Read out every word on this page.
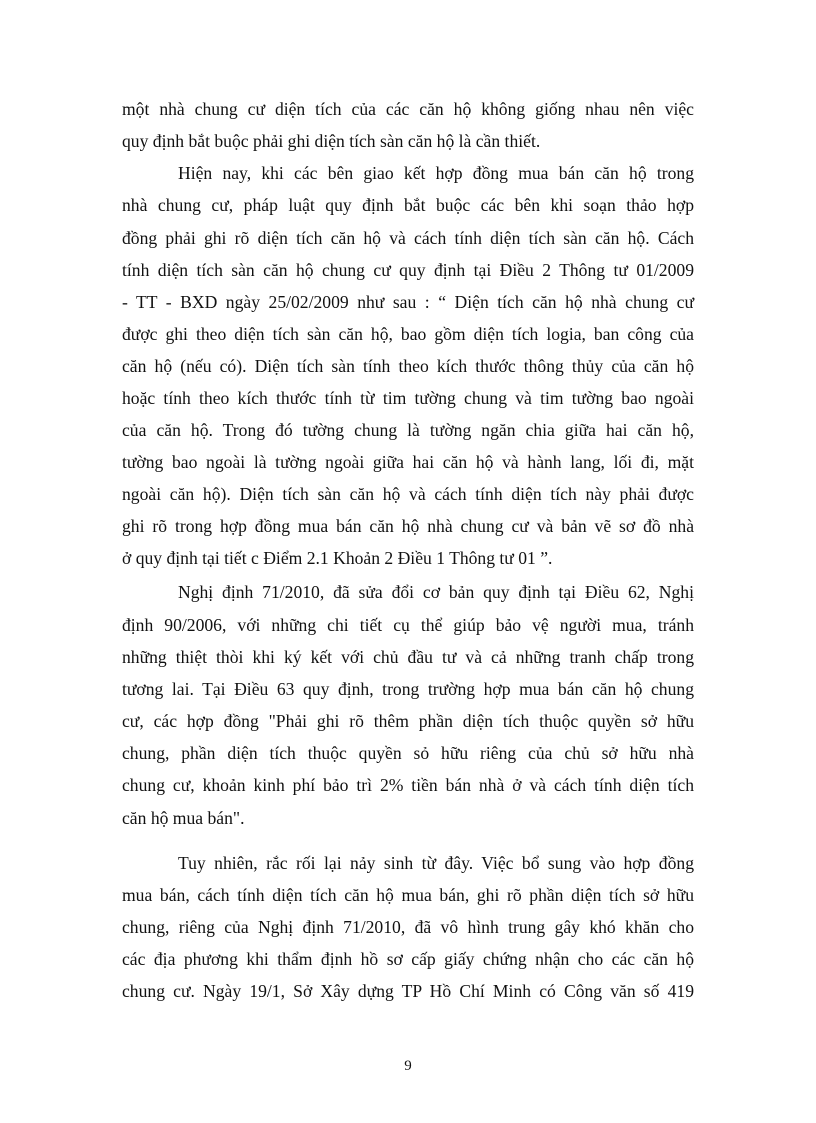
một nhà chung cư diện tích của các căn hộ không giống nhau nên việc
quy định bắt buộc phải ghi diện tích sàn căn hộ là cần thiết.
Hiện nay, khi các bên giao kết hợp đồng mua bán căn hộ trong
nhà chung cư, pháp luật quy định bắt buộc các bên khi soạn thảo hợp
đồng phải ghi rõ diện tích căn hộ và cách tính diện tích sàn căn hộ. Cách
tính diện tích sàn căn hộ chung cư quy định tại Điều 2 Thông tư 01/2009
- TT - BXD ngày 25/02/2009 như sau : “ Diện tích căn hộ nhà chung cư
được ghi theo diện tích sàn căn hộ, bao gồm diện tích logia, ban công của
căn hộ (nếu có). Diện tích sàn tính theo kích thước thông thủy của căn hộ
hoặc tính theo kích thước tính từ tim tường chung và tim tường bao ngoài
của căn hộ. Trong đó tường chung là tường ngăn chia giữa hai căn hộ,
tường bao ngoài là tường ngoài giữa hai căn hộ và hành lang, lối đi, mặt
ngoài căn hộ). Diện tích sàn căn hộ và cách tính diện tích này phải được
ghi rõ trong hợp đồng mua bán căn hộ nhà chung cư và bản vẽ sơ đồ nhà
ở quy định tại tiết c Điểm 2.1 Khoản 2 Điều 1 Thông tư 01 ”.
Nghị định 71/2010, đã sửa đổi cơ bản quy định tại Điều 62, Nghị
định 90/2006, với những chi tiết cụ thể giúp bảo vệ người mua, tránh
những thiệt thòi khi ký kết với chủ đầu tư và cả những tranh chấp trong
tương lai. Tại Điều 63 quy định, trong trường hợp mua bán căn hộ chung
cư, các hợp đồng "Phải ghi rõ thêm phần diện tích thuộc quyền sở hữu
chung, phần diện tích thuộc quyền sỏ hữu riêng của chủ sở hữu nhà
chung cư, khoản kinh phí bảo trì 2% tiền bán nhà ở và cách tính diện tích
căn hộ mua bán".
Tuy nhiên, rắc rối lại nảy sinh từ đây. Việc bổ sung vào hợp đồng
mua bán, cách tính diện tích căn hộ mua bán, ghi rõ phần diện tích sở hữu
chung, riêng của Nghị định 71/2010, đã vô hình trung gây khó khăn cho
các địa phương khi thẩm định hồ sơ cấp giấy chứng nhận cho các căn hộ
chung cư. Ngày 19/1, Sở Xây dựng TP Hồ Chí Minh có Công văn số 419
9
